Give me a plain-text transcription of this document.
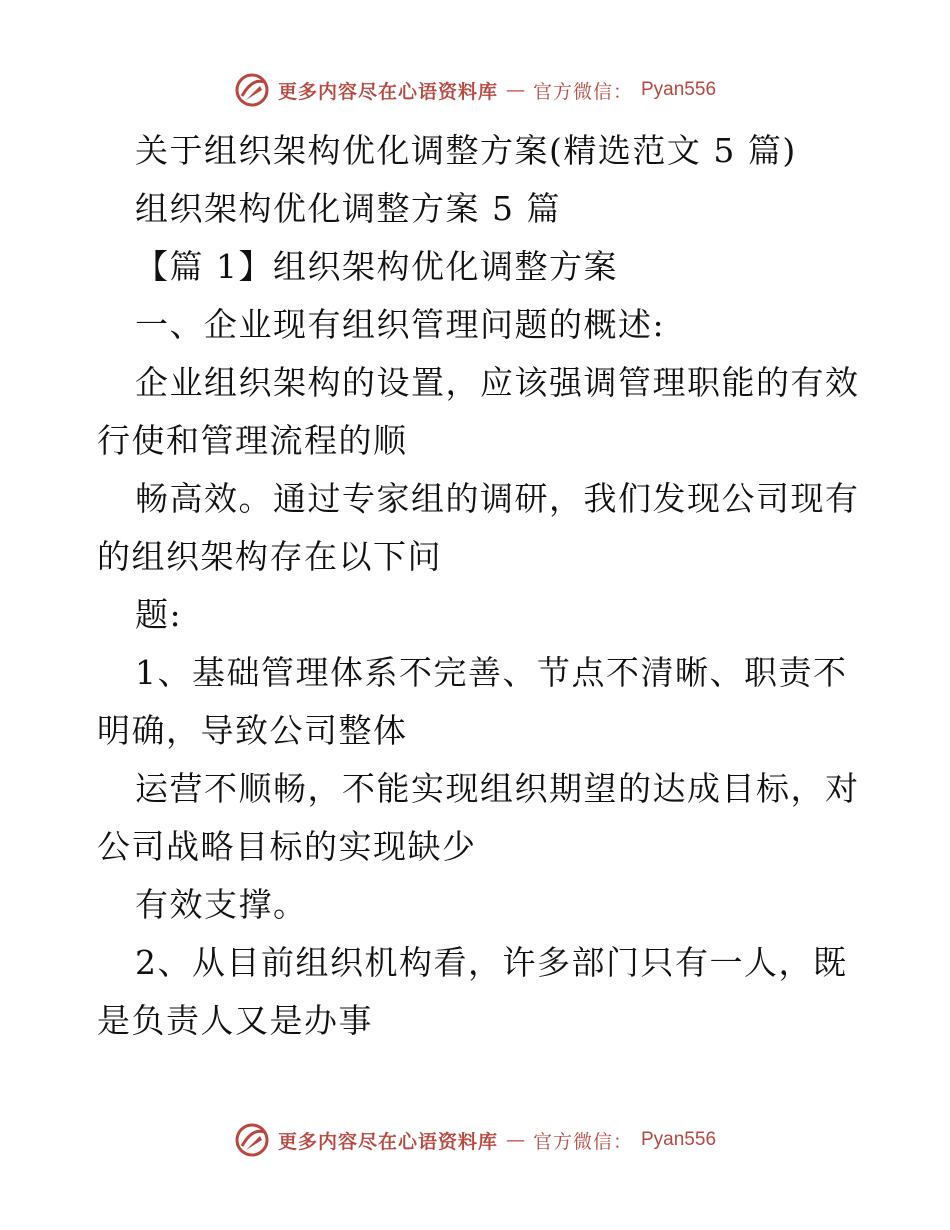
更多内容尽在心语资料库 — 官方微信： Pyan556
关于组织架构优化调整方案(精选范文 5 篇)
组织架构优化调整方案 5 篇
【篇 1】组织架构优化调整方案
一、企业现有组织管理问题的概述:
企业组织架构的设置，应该强调管理职能的有效
行使和管理流程的顺
畅高效。通过专家组的调研，我们发现公司现有
的组织架构存在以下问
题:
1、基础管理体系不完善、节点不清晰、职责不
明确，导致公司整体
运营不顺畅，不能实现组织期望的达成目标，对
公司战略目标的实现缺少
有效支撑。
2、从目前组织机构看，许多部门只有一人，既
是负责人又是办事
更多内容尽在心语资料库 — 官方微信： Pyan556
